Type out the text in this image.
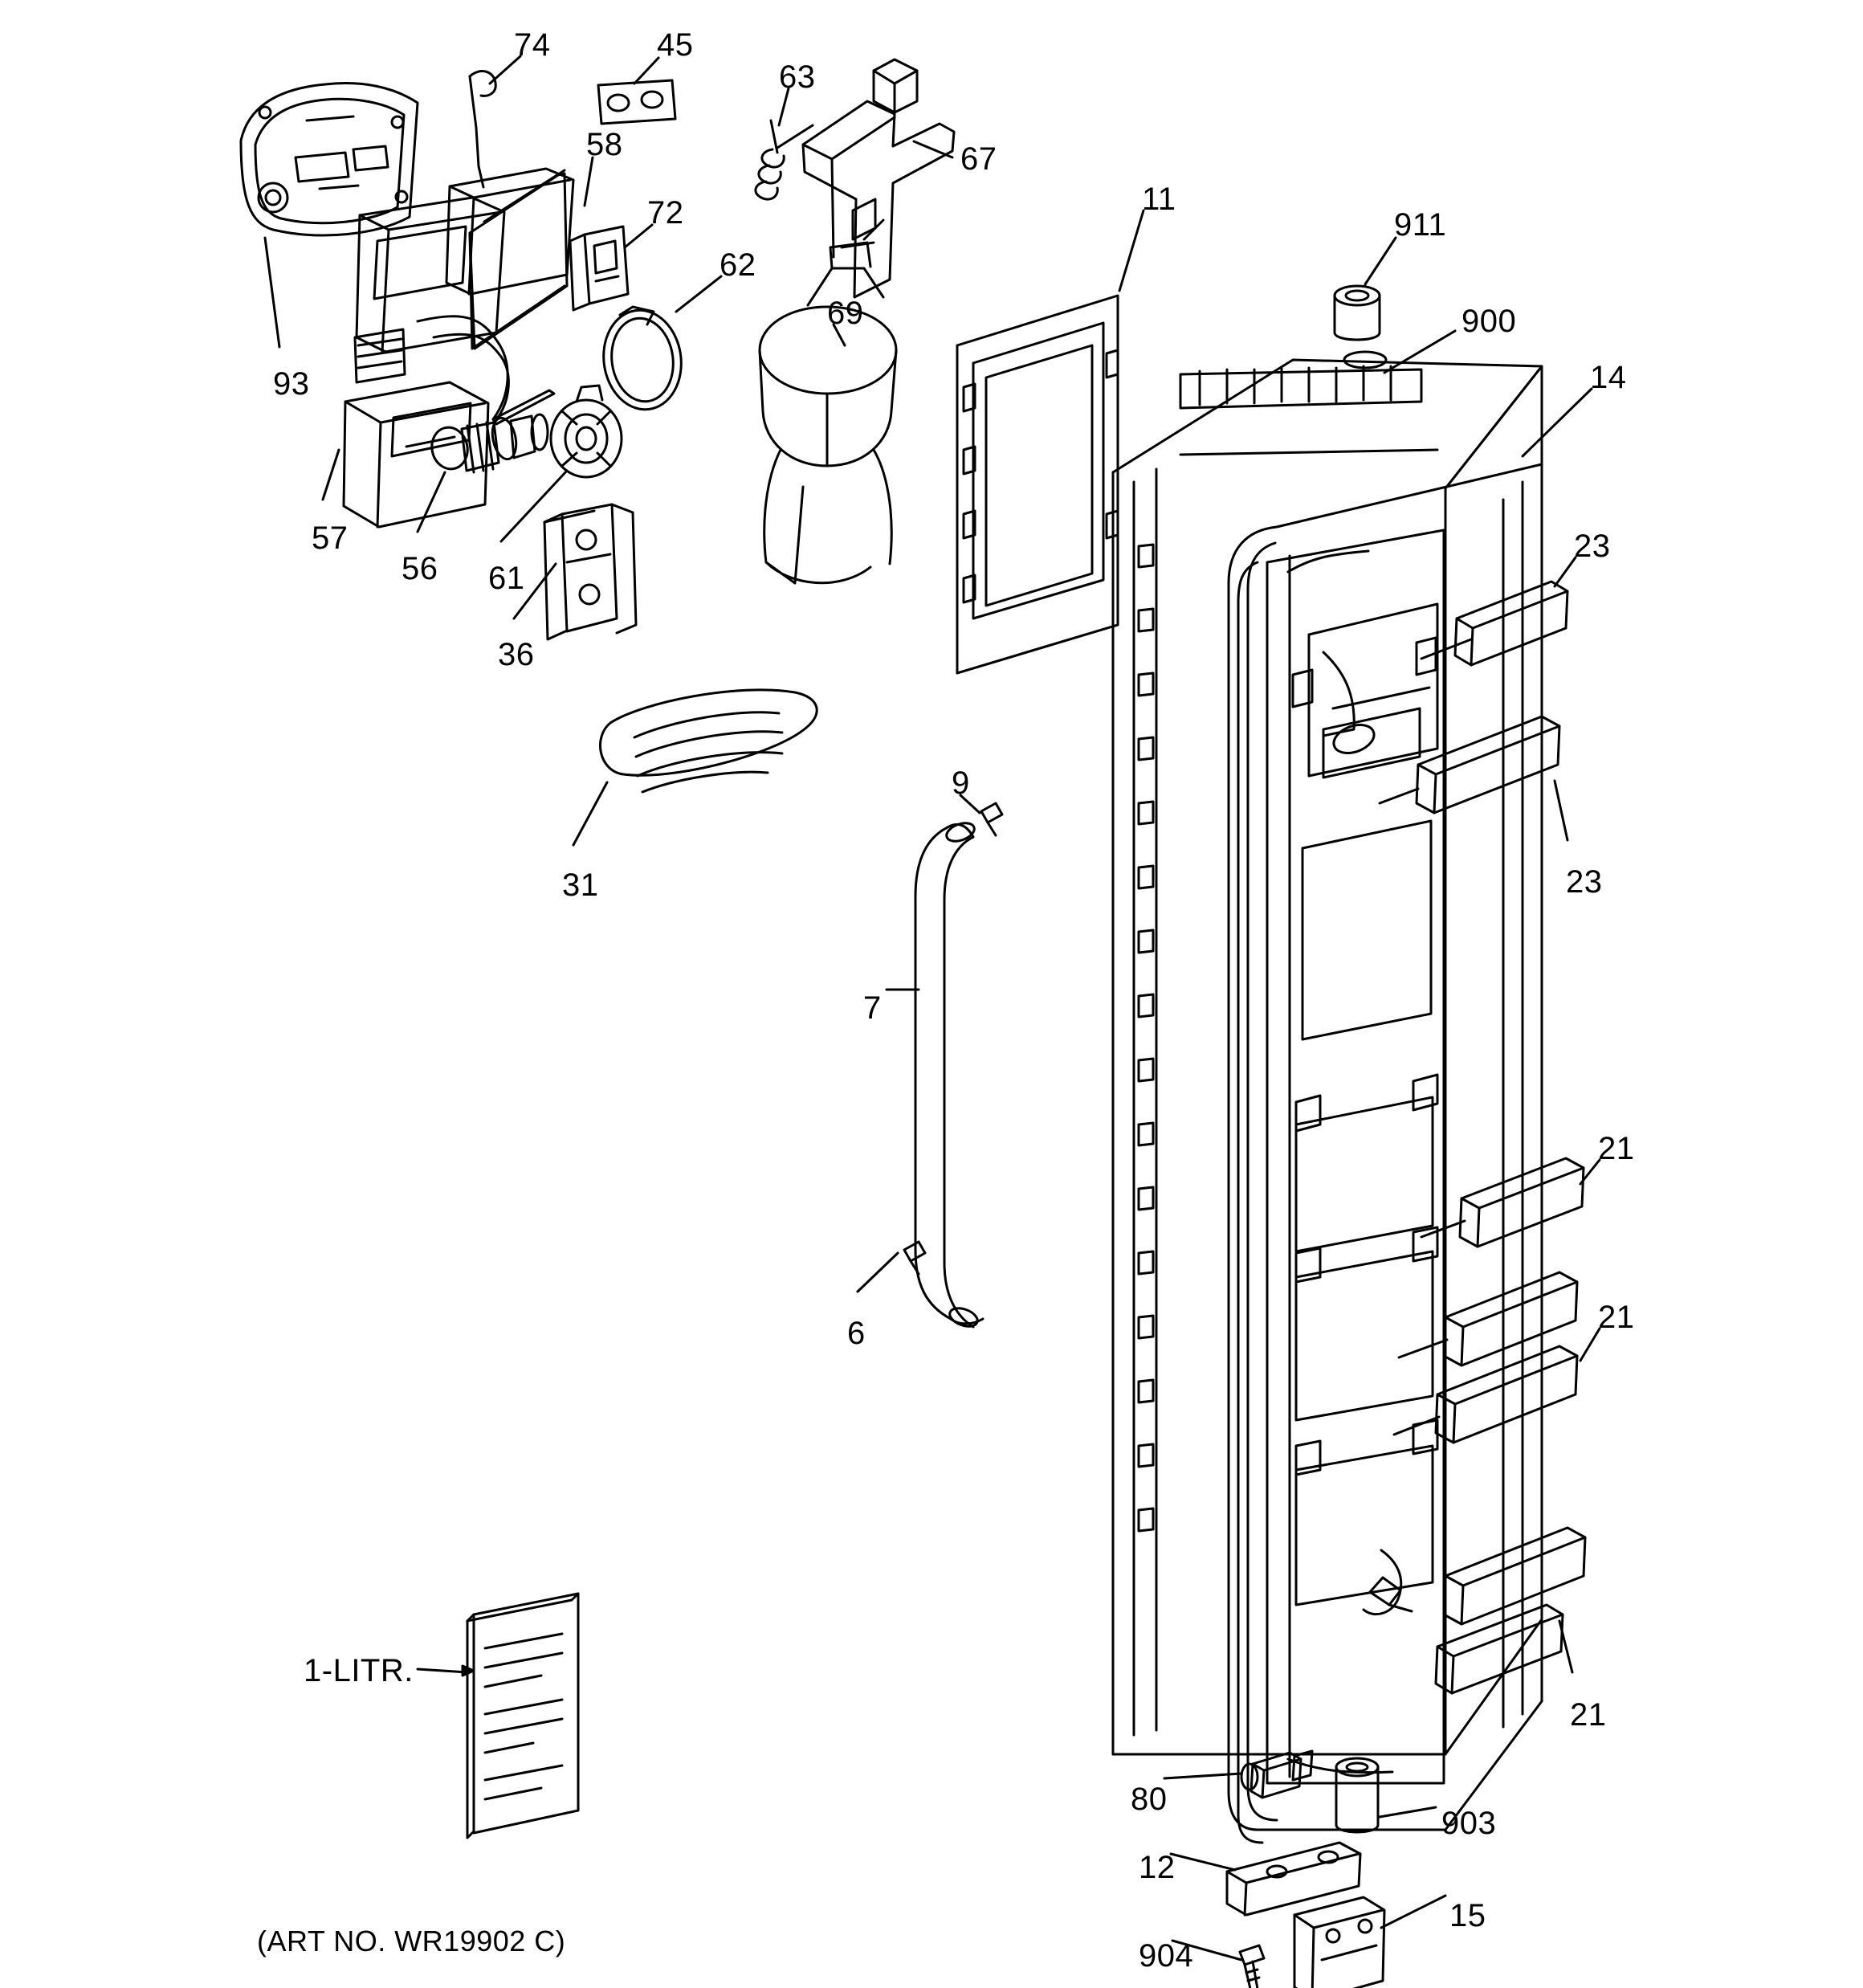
74	45
63
58	67
11
911
72
62
900
69
14
93
23
57
56 61
23
36
9
31
7
21
21
6
21
80
903
12
15
904
1-LITR.
(ART NO. WR19902 C)
